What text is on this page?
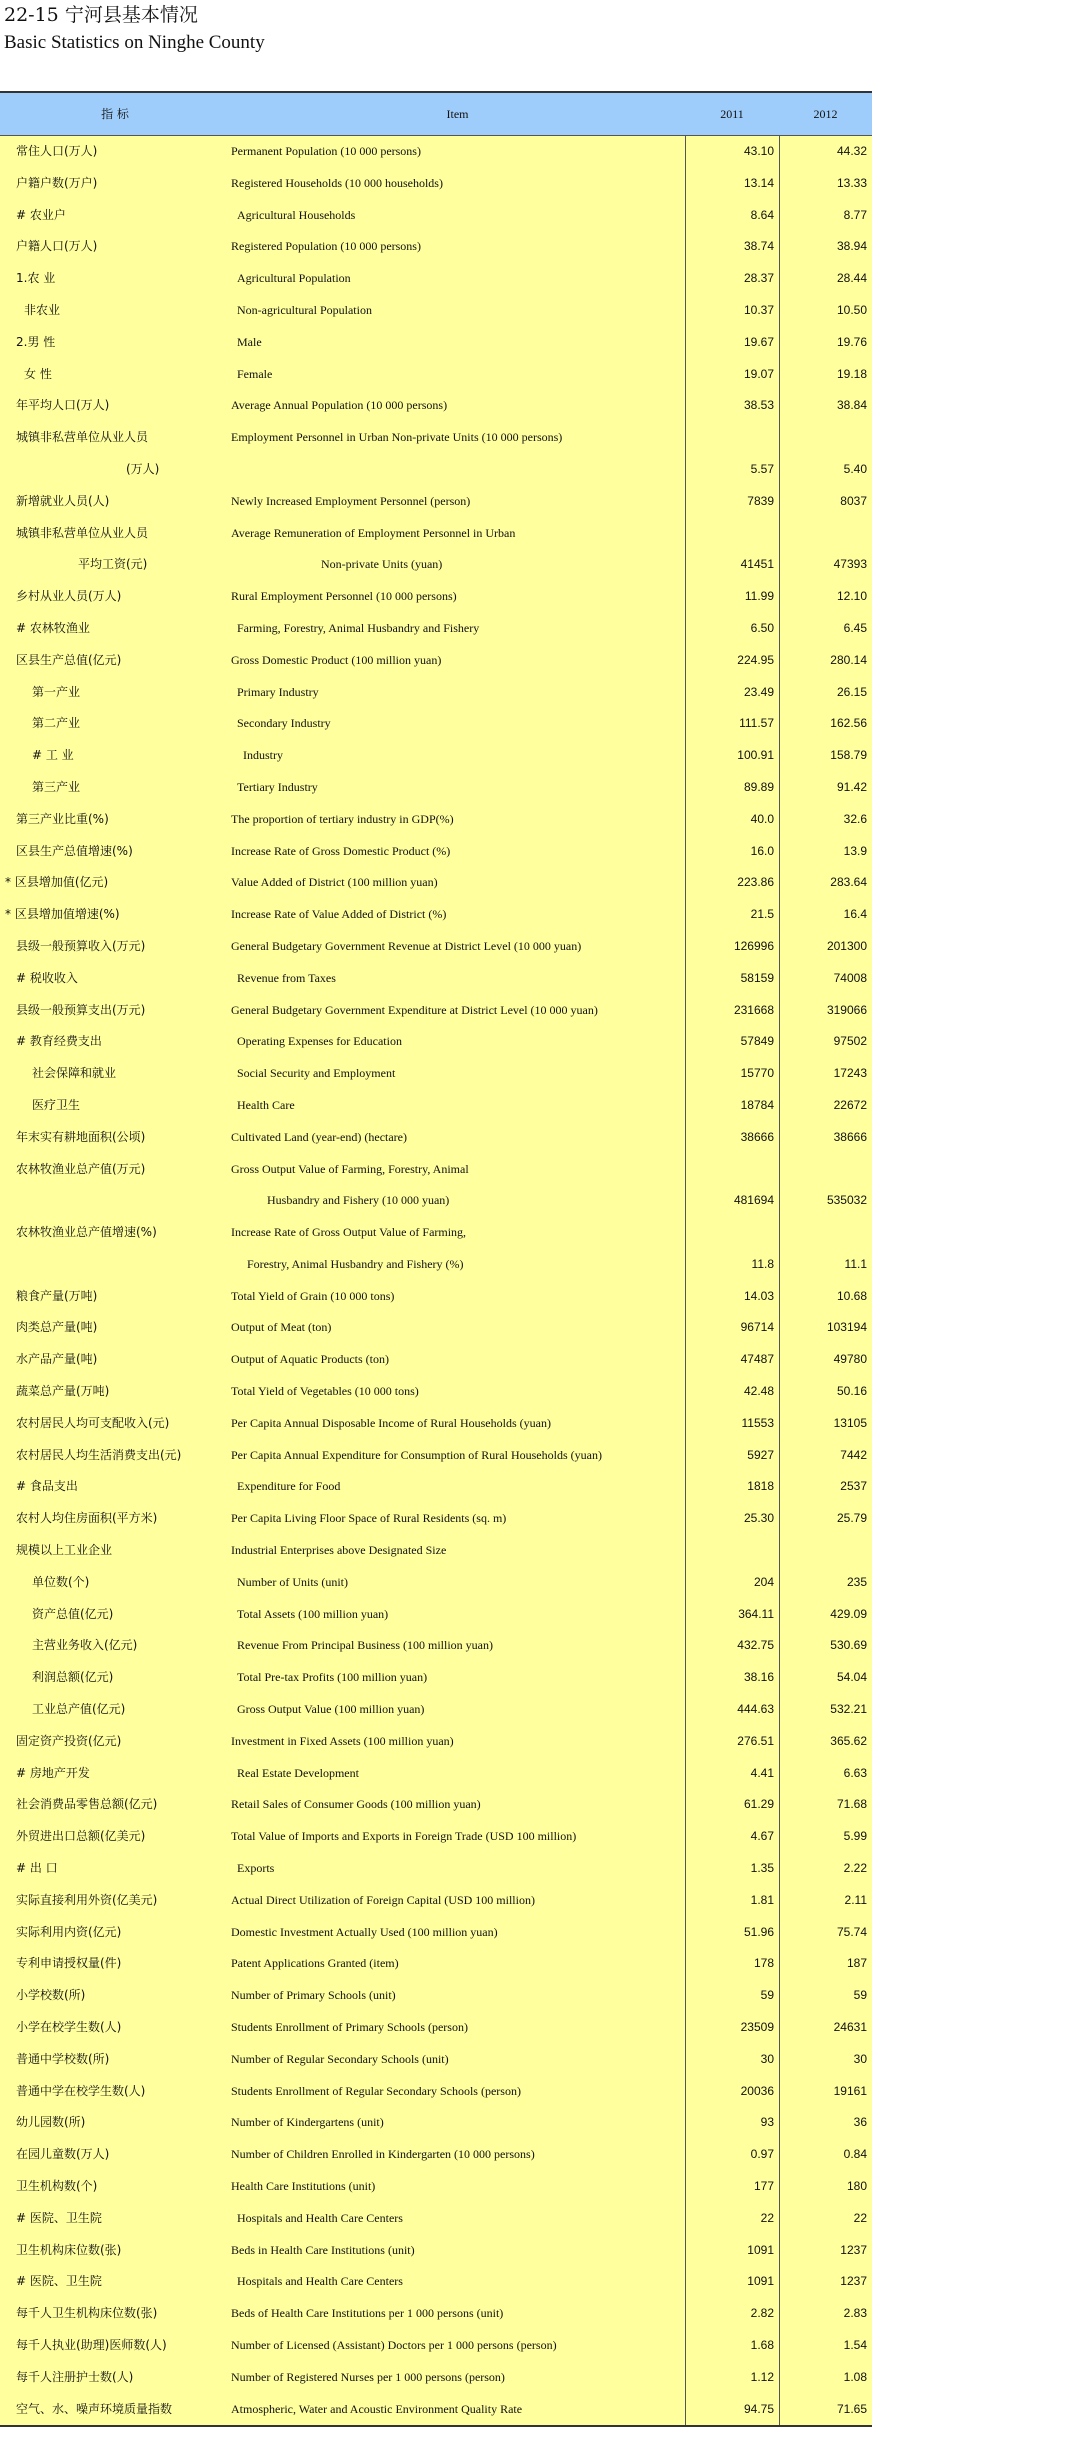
22-15 宁河县基本情况
Basic Statistics on Ninghe County
指 标	Item	2011	2012
常住人口(万人)	Permanent Population (10 000 persons)	43.10	44.32
户籍户数(万户)	Registered Households (10 000 households)	13.14	13.33
# 农业户	Agricultural Households	8.64	8.77
户籍人口(万人)	Registered Population (10 000 persons)	38.74	38.94
1.农 业	Agricultural Population	28.37	28.44
非农业	Non-agricultural Population	10.37	10.50
2.男 性	Male	19.67	19.76
女 性	Female	19.07	19.18
年平均人口(万人)	Average Annual Population (10 000 persons)	38.53	38.84
城镇非私营单位从业人员	Employment Personnel in Urban Non-private Units (10 000 persons)
(万人)	5.57	5.40
新增就业人员(人)	Newly Increased Employment Personnel (person)	7839	8037
城镇非私营单位从业人员	Average Remuneration of Employment Personnel in Urban
平均工资(元)	Non-private Units (yuan)	41451	47393
乡村从业人员(万人)	Rural Employment Personnel (10 000 persons)	11.99	12.10
# 农林牧渔业	Farming, Forestry, Animal Husbandry and Fishery	6.50	6.45
区县生产总值(亿元)	Gross Domestic Product (100 million yuan)	224.95	280.14
第一产业	Primary Industry	23.49	26.15
第二产业	Secondary Industry	111.57	162.56
# 工 业	Industry	100.91	158.79
第三产业	Tertiary Industry	89.89	91.42
第三产业比重(%)	The proportion of tertiary industry in GDP(%)	40.0	32.6
区县生产总值增速(%)	Increase Rate of Gross Domestic Product (%)	16.0	13.9
* 区县增加值(亿元)	Value Added of District (100 million yuan)	223.86	283.64
* 区县增加值增速(%)	Increase Rate of Value Added of District (%)	21.5	16.4
县级一般预算收入(万元)	General Budgetary Government Revenue at District Level (10 000 yuan)	126996	201300
# 税收收入	Revenue from Taxes	58159	74008
县级一般预算支出(万元)	General Budgetary Government Expenditure at District Level (10 000 yuan)	231668	319066
# 教育经费支出	Operating Expenses for Education	57849	97502
社会保障和就业	Social Security and Employment	15770	17243
医疗卫生	Health Care	18784	22672
年末实有耕地面积(公顷)	Cultivated Land (year-end) (hectare)	38666	38666
农林牧渔业总产值(万元)	Gross Output Value of Farming, Forestry, Animal
Husbandry and Fishery (10 000 yuan)	481694	535032
农林牧渔业总产值增速(%)	Increase Rate of Gross Output Value of Farming,
Forestry, Animal Husbandry and Fishery (%)	11.8	11.1
粮食产量(万吨)	Total Yield of Grain (10 000 tons)	14.03	10.68
肉类总产量(吨)	Output of Meat (ton)	96714	103194
水产品产量(吨)	Output of Aquatic Products (ton)	47487	49780
蔬菜总产量(万吨)	Total Yield of Vegetables (10 000 tons)	42.48	50.16
农村居民人均可支配收入(元)	Per Capita Annual Disposable Income of Rural Households (yuan)	11553	13105
农村居民人均生活消费支出(元)	Per Capita Annual Expenditure for Consumption of Rural Households (yuan)	5927	7442
# 食品支出	Expenditure for Food	1818	2537
农村人均住房面积(平方米)	Per Capita Living Floor Space of Rural Residents (sq. m)	25.30	25.79
规模以上工业企业	Industrial Enterprises above Designated Size
单位数(个)	Number of Units (unit)	204	235
资产总值(亿元)	Total Assets (100 million yuan)	364.11	429.09
主营业务收入(亿元)	Revenue From Principal Business (100 million yuan)	432.75	530.69
利润总额(亿元)	Total Pre-tax Profits (100 million yuan)	38.16	54.04
工业总产值(亿元)	Gross Output Value (100 million yuan)	444.63	532.21
固定资产投资(亿元)	Investment in Fixed Assets (100 million yuan)	276.51	365.62
# 房地产开发	Real Estate Development	4.41	6.63
社会消费品零售总额(亿元)	Retail Sales of Consumer Goods (100 million yuan)	61.29	71.68
外贸进出口总额(亿美元)	Total Value of Imports and Exports in Foreign Trade (USD 100 million)	4.67	5.99
# 出 口	Exports	1.35	2.22
实际直接利用外资(亿美元)	Actual Direct Utilization of Foreign Capital (USD 100 million)	1.81	2.11
实际利用内资(亿元)	Domestic Investment Actually Used (100 million yuan)	51.96	75.74
专利申请授权量(件)	Patent Applications Granted (item)	178	187
小学校数(所)	Number of Primary Schools (unit)	59	59
小学在校学生数(人)	Students Enrollment of Primary Schools (person)	23509	24631
普通中学校数(所)	Number of Regular Secondary Schools (unit)	30	30
普通中学在校学生数(人)	Students Enrollment of Regular Secondary Schools (person)	20036	19161
幼儿园数(所)	Number of Kindergartens (unit)	93	36
在园儿童数(万人)	Number of Children Enrolled in Kindergarten (10 000 persons)	0.97	0.84
卫生机构数(个)	Health Care Institutions (unit)	177	180
# 医院、卫生院	Hospitals and Health Care Centers	22	22
卫生机构床位数(张)	Beds in Health Care Institutions (unit)	1091	1237
# 医院、卫生院	Hospitals and Health Care Centers	1091	1237
每千人卫生机构床位数(张)	Beds of Health Care Institutions per 1 000 persons (unit)	2.82	2.83
每千人执业(助理)医师数(人)	Number of Licensed (Assistant) Doctors per 1 000 persons (person)	1.68	1.54
每千人注册护士数(人)	Number of Registered Nurses per 1 000 persons (person)	1.12	1.08
空气、水、噪声环境质量指数	Atmospheric, Water and Acoustic Environment Quality Rate	94.75	71.65
